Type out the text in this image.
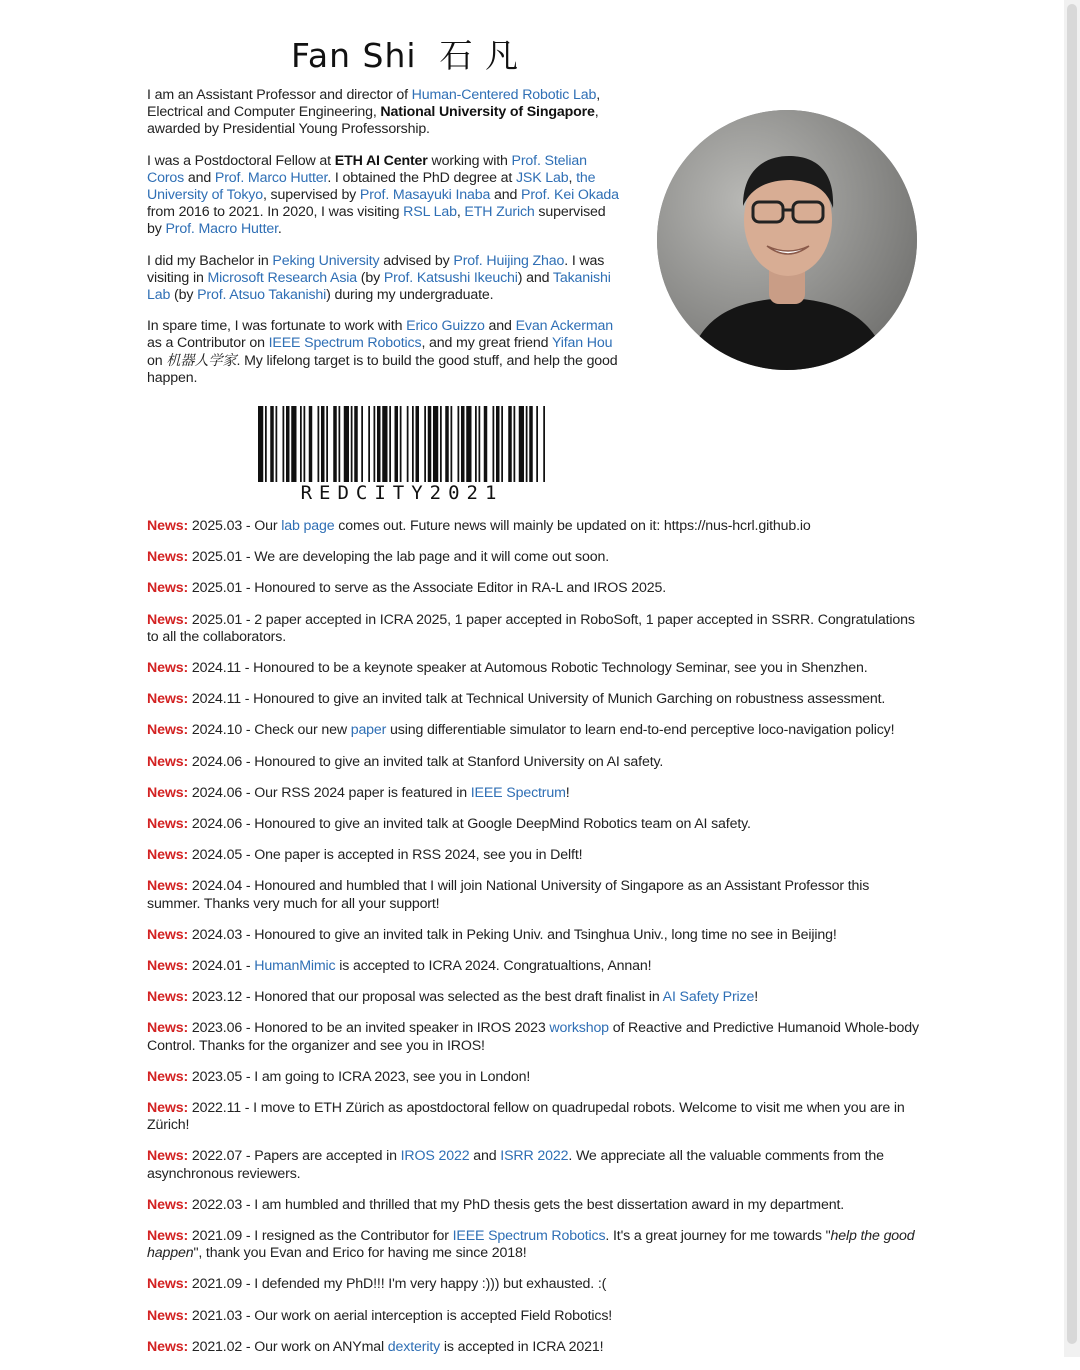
Fan Shi 石 凡

I am an Assistant Professor and director of Human-Centered Robotic Lab, Electrical and Computer Engineering, National University of Singapore, awarded by Presidential Young Professorship.

I was a Postdoctoral Fellow at ETH AI Center working with Prof. Stelian Coros and Prof. Marco Hutter. I obtained the PhD degree at JSK Lab, the University of Tokyo, supervised by Prof. Masayuki Inaba and Prof. Kei Okada from 2016 to 2021. In 2020, I was visiting RSL Lab, ETH Zurich supervised by Prof. Macro Hutter.

I did my Bachelor in Peking University advised by Prof. Huijing Zhao. I was visiting in Microsoft Research Asia (by Prof. Katsushi Ikeuchi) and Takanishi Lab (by Prof. Atsuo Takanishi) during my undergraduate.

In spare time, I was fortunate to work with Erico Guizzo and Evan Ackerman as a Contributor on IEEE Spectrum Robotics, and my great friend Yifan Hou on 机器人学家. My lifelong target is to build the good stuff, and help the good happen.

REDCITY2021
News: 2025.03 - Our lab page comes out. Future news will mainly be updated on it: https://nus-hcrl.github.io
News: 2025.01 - We are developing the lab page and it will come out soon.
News: 2025.01 - Honoured to serve as the Associate Editor in RA-L and IROS 2025.
News: 2025.01 - 2 paper accepted in ICRA 2025, 1 paper accepted in RoboSoft, 1 paper accepted in SSRR. Congratulations to all the collaborators.
News: 2024.11 - Honoured to be a keynote speaker at Automous Robotic Technology Seminar, see you in Shenzhen.
News: 2024.11 - Honoured to give an invited talk at Technical University of Munich Garching on robustness assessment.
News: 2024.10 - Check our new paper using differentiable simulator to learn end-to-end perceptive loco-navigation policy!
News: 2024.06 - Honoured to give an invited talk at Stanford University on AI safety.
News: 2024.06 - Our RSS 2024 paper is featured in IEEE Spectrum!
News: 2024.06 - Honoured to give an invited talk at Google DeepMind Robotics team on AI safety.
News: 2024.05 - One paper is accepted in RSS 2024, see you in Delft!
News: 2024.04 - Honoured and humbled that I will join National University of Singapore as an Assistant Professor this summer. Thanks very much for all your support!
News: 2024.03 - Honoured to give an invited talk in Peking Univ. and Tsinghua Univ., long time no see in Beijing!
News: 2024.01 - HumanMimic is accepted to ICRA 2024. Congratualtions, Annan!
News: 2023.12 - Honored that our proposal was selected as the best draft finalist in AI Safety Prize!
News: 2023.06 - Honored to be an invited speaker in IROS 2023 workshop of Reactive and Predictive Humanoid Whole-body Control. Thanks for the organizer and see you in IROS!
News: 2023.05 - I am going to ICRA 2023, see you in London!
News: 2022.11 - I move to ETH Zürich as apostdoctoral fellow on quadrupedal robots. Welcome to visit me when you are in Zürich!
News: 2022.07 - Papers are accepted in IROS 2022 and ISRR 2022. We appreciate all the valuable comments from the asynchronous reviewers.
News: 2022.03 - I am humbled and thrilled that my PhD thesis gets the best dissertation award in my department.
News: 2021.09 - I resigned as the Contributor for IEEE Spectrum Robotics. It's a great journey for me towards "help the good happen", thank you Evan and Erico for having me since 2018!
News: 2021.09 - I defended my PhD!!! I'm very happy :))) but exhausted. :(
News: 2021.03 - Our work on aerial interception is accepted Field Robotics!
News: 2021.02 - Our work on ANYmal dexterity is accepted in ICRA 2021!
